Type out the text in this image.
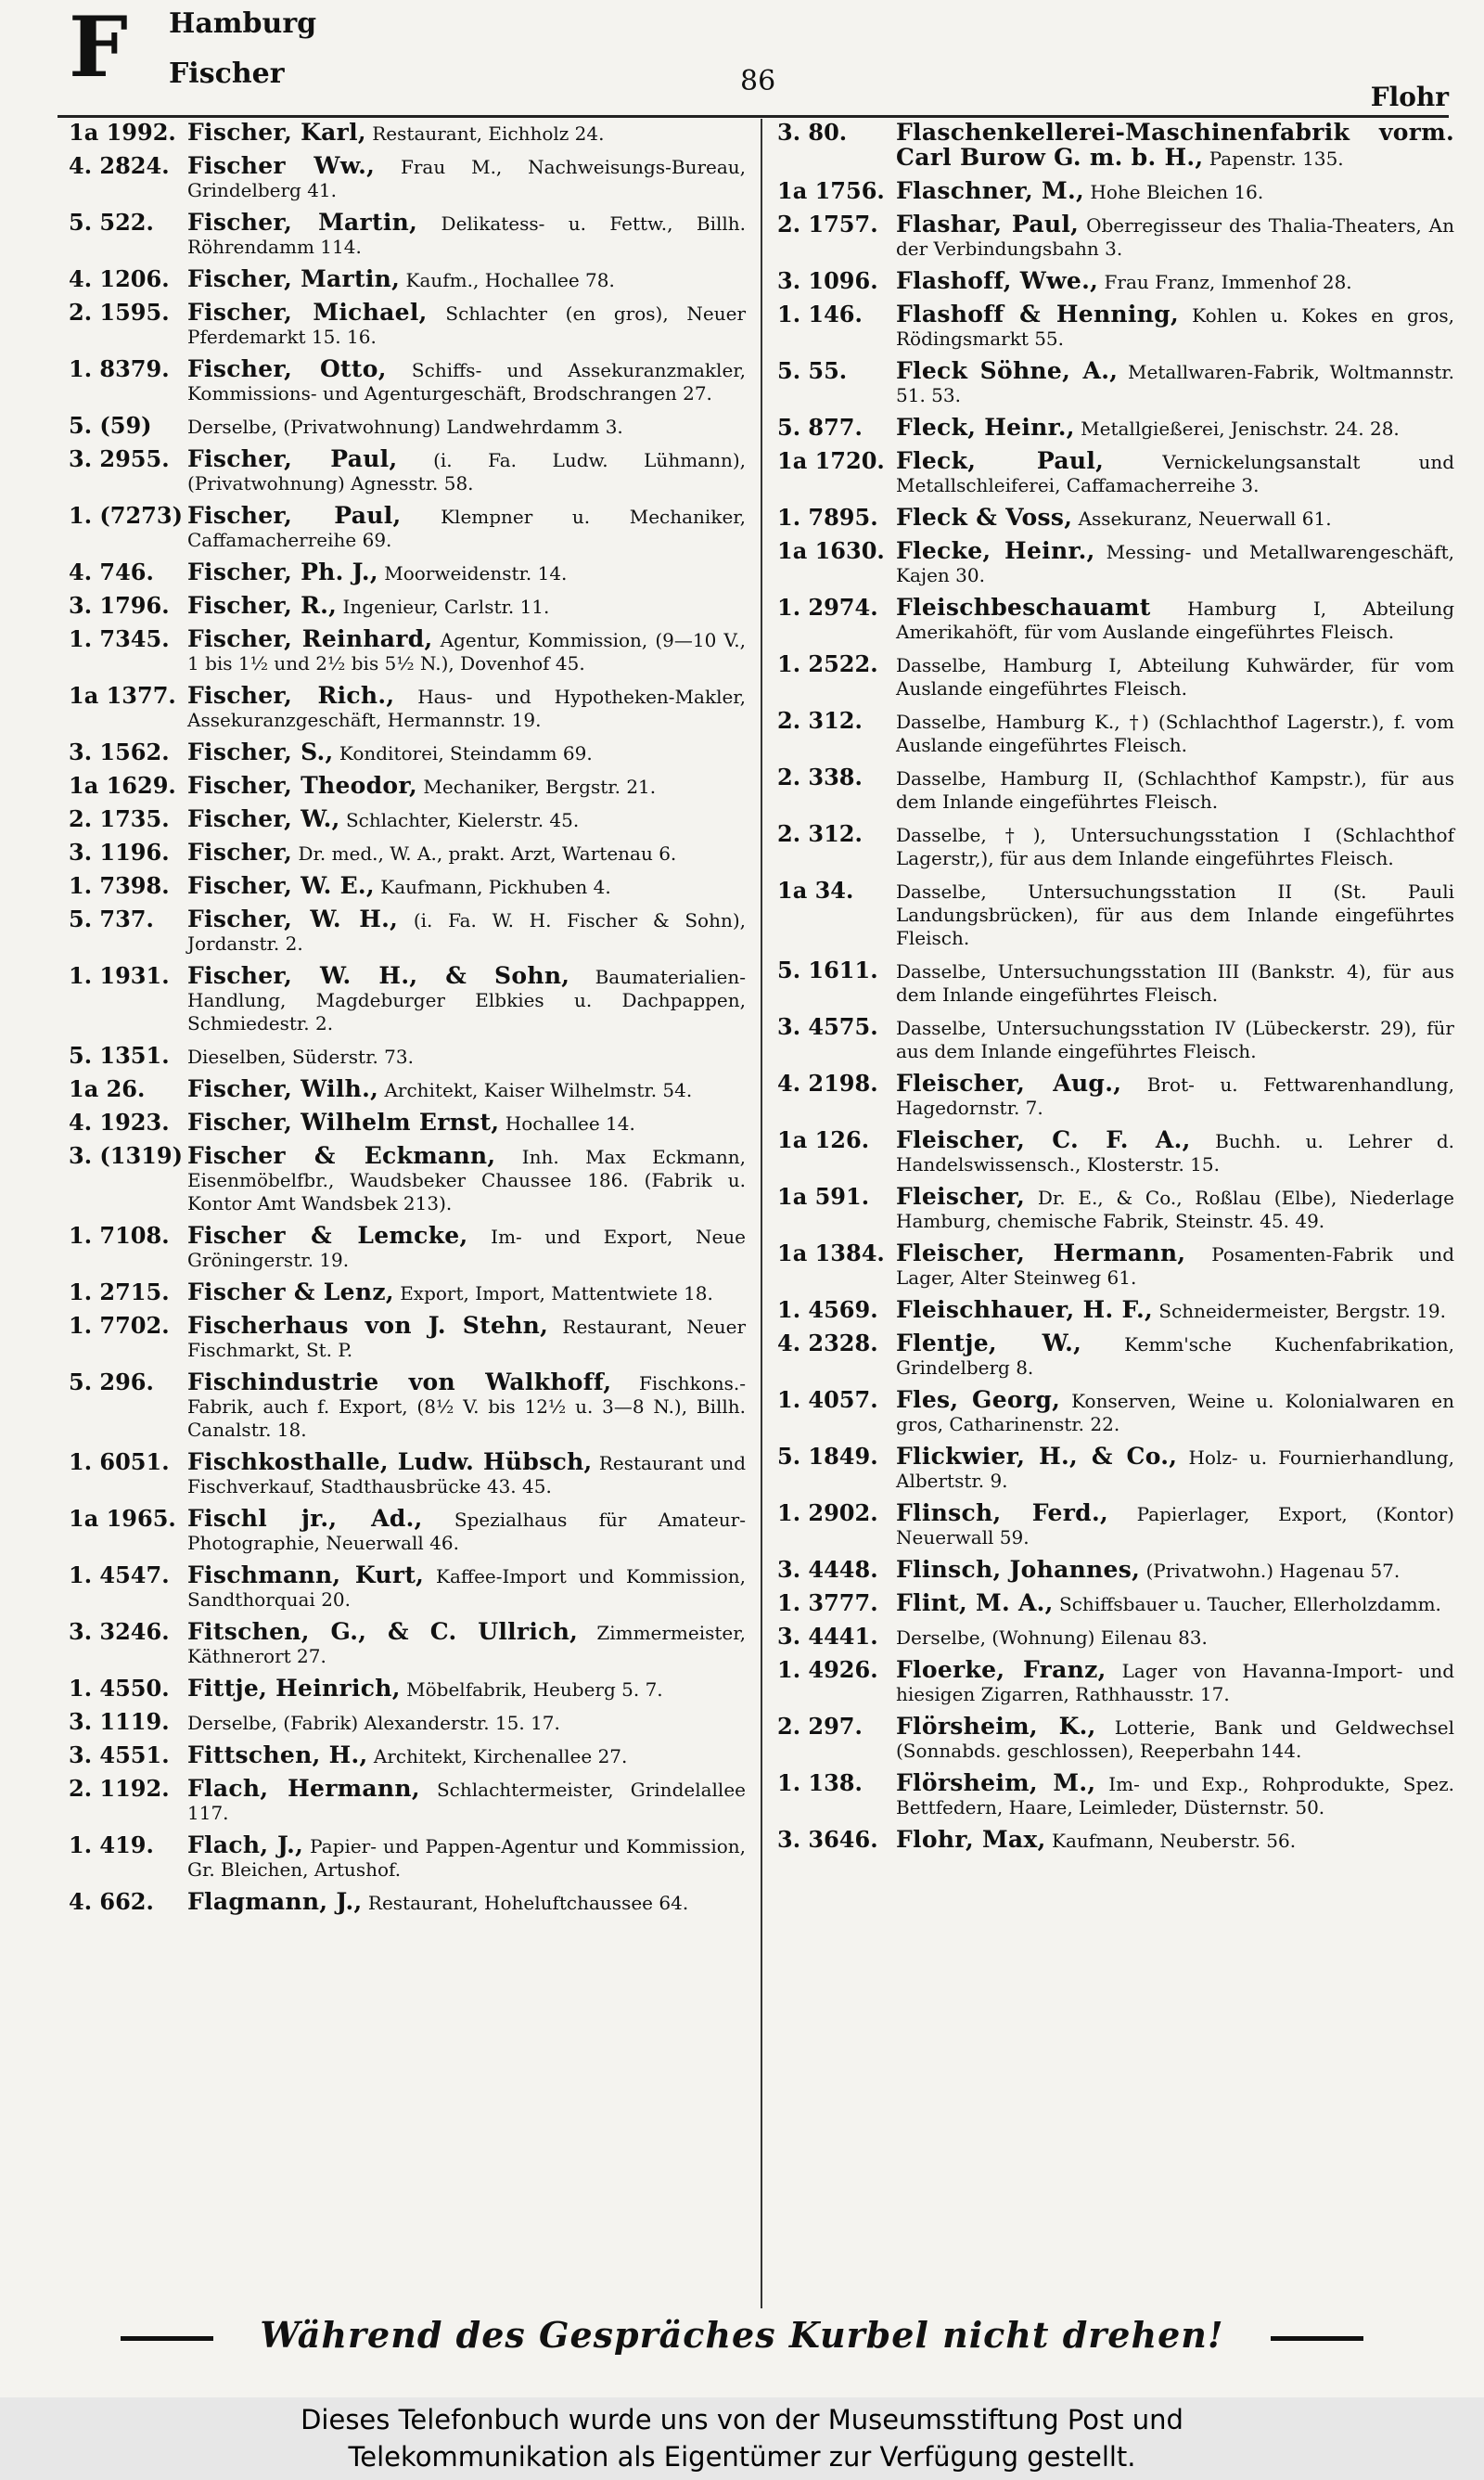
F Hamburg
Fischer	86	Flohr
1a 1992. Fischer, Karl, Restaurant, Eichholz 24.
4. 2824. Fischer Ww., Frau M., Nachweisungs-Bureau, Grindelberg 41.
5. 522.	Fischer, Martin, Delikatess- u. Fettw., Billh. Röhrendamm 114.
4. 1206. Fischer, Martin, Kaufm., Hochallee 78.
2. 1595. Fischer, Michael, Schlachter (en gros), Neuer Pferdemarkt 15. 16.
1. 8379. Fischer, Otto, Schiffs- und Assekuranzmakler, Kommissions- und Agenturgeschäft, Brodschrangen 27.
5. (59)	Derselbe, (Privatwohnung) Landwehrdamm 3.
3. 2955. Fischer, Paul, (i. Fa. Ludw. Lühmann), (Privatwohnung) Agnesstr. 58.
1. (7273) Fischer, Paul, Klempner u. Mechaniker, Caffamacherreihe 69.
4. 746.	Fischer, Ph. J., Moorweidenstr. 14.
3. 1796. Fischer, R., Ingenieur, Carlstr. 11.
1. 7345. Fischer, Reinhard, Agentur, Kommission, (9—10 V., 1 bis 1½ und 2½ bis 5½ N.), Dovenhof 45.
1a 1377. Fischer, Rich., Haus- und Hypotheken-Makler, Assekuranzgeschäft, Hermannstr. 19.
3. 1562. Fischer, S., Konditorei, Steindamm 69.
1a 1629. Fischer, Theodor, Mechaniker, Bergstr. 21.
2. 1735. Fischer, W., Schlachter, Kielerstr. 45.
3. 1196. Fischer, Dr. med., W. A., prakt. Arzt, Wartenau 6.
1. 7398. Fischer, W. E., Kaufmann, Pickhuben 4.
5. 737.	Fischer, W. H., (i. Fa. W. H. Fischer & Sohn), Jordanstr. 2.
1. 1931. Fischer, W. H., & Sohn, Baumaterialien-Handlung, Magdeburger Elbkies u. Dachpappen, Schmiedestr. 2.
5. 1351. Dieselben, Süderstr. 73.
1a 26.	Fischer, Wilh., Architekt, Kaiser Wilhelmstr. 54.
4. 1923. Fischer, Wilhelm Ernst, Hochallee 14.
3. (1319) Fischer & Eckmann, Inh. Max Eckmann, Eisenmöbelfbr., Waudsbeker Chaussee 186. (Fabrik u. Kontor Amt Wandsbek 213).
1. 7108. Fischer & Lemcke, Im- und Export, Neue Gröningerstr. 19.
1. 2715. Fischer & Lenz, Export, Import, Mattentwiete 18.
1. 7702. Fischerhaus von J. Stehn, Restaurant, Neuer Fischmarkt, St. P.
5. 296.	Fischindustrie von Walkhoff, Fischkons.-Fabrik, auch f. Export, (8½ V. bis 12½ u. 3—8 N.), Billh. Canalstr. 18.
1. 6051. Fischkosthalle, Ludw. Hübsch, Restaurant und Fischverkauf, Stadthausbrücke 43. 45.
1a 1965. Fischl jr., Ad., Spezialhaus für Amateur-Photographie, Neuerwall 46.
1. 4547. Fischmann, Kurt, Kaffee-Import und Kommission, Sandthorquai 20.
3. 3246. Fitschen, G., & C. Ullrich, Zimmermeister, Käthnerort 27.
1. 4550. Fittje, Heinrich, Möbelfabrik, Heuberg 5. 7.
3. 1119. Derselbe, (Fabrik) Alexanderstr. 15. 17.
3. 4551. Fittschen, H., Architekt, Kirchenallee 27.
2. 1192. Flach, Hermann, Schlachtermeister, Grindelallee 117.
1. 419.	Flach, J., Papier- und Pappen-Agentur und Kommission, Gr. Bleichen, Artushof.
4. 662.	Flagmann, J., Restaurant, Hoheluftchaussee 64.
3. 80.	Flaschenkellerei-Maschinenfabrik vorm. Carl Burow G. m. b. H., Papenstr. 135.
1a 1756. Flaschner, M., Hohe Bleichen 16.
2. 1757. Flashar, Paul, Oberregisseur des Thalia-Theaters, An der Verbindungsbahn 3.
3. 1096. Flashoff, Wwe., Frau Franz, Immenhof 28.
1. 146.	Flashoff & Henning, Kohlen u. Kokes en gros, Rödingsmarkt 55.
5. 55.	Fleck Söhne, A., Metallwaren-Fabrik, Woltmannstr. 51. 53.
5. 877.	Fleck, Heinr., Metallgießerei, Jenischstr. 24. 28.
1a 1720. Fleck, Paul,	Vernickelungsanstalt und Metallschleiferei, Caffamacherreihe 3.
1. 7895. Fleck & Voss, Assekuranz, Neuerwall 61.
1a 1630. Flecke, Heinr., Messing- und Metallwarengeschäft, Kajen 30.
1. 2974. Fleischbeschauamt Hamburg I, Abteilung Amerikahöft, für vom Auslande eingeführtes Fleisch.
1. 2522. Dasselbe, Hamburg I, Abteilung Kuhwärder, für vom Auslande eingeführtes Fleisch.
2. 312.	Dasselbe, Hamburg K., †) (Schlachthof Lagerstr.), f. vom Auslande eingeführtes Fleisch.
2. 338.	Dasselbe, Hamburg II, (Schlachthof Kampstr.), für aus dem Inlande eingeführtes Fleisch.
2. 312.	Dasselbe,†), Untersuchungsstation I (Schlachthof Lagerstr,), für aus dem Inlande eingeführtes Fleisch.
1a 34.	Dasselbe, Untersuchungsstation II (St. Pauli Landungsbrücken), für aus dem Inlande eingeführtes Fleisch.
5. 1611. Dasselbe, Untersuchungsstation III (Bankstr. 4), für aus dem Inlande eingeführtes Fleisch.
3. 4575. Dasselbe, Untersuchungsstation IV (Lübeckerstr. 29), für aus dem Inlande eingeführtes Fleisch.
4. 2198. Fleischer, Aug., Brot- u. Fettwarenhandlung, Hagedornstr. 7.
1a 126.	Fleischer, C. F. A., Buchh. u. Lehrer d. Handelswissensch., Klosterstr. 15.
1a 591.	Fleischer, Dr. E., & Co., Roßlau (Elbe), Niederlage Hamburg, chemische Fabrik, Steinstr. 45. 49.
1a 1384. Fleischer, Hermann, Posamenten-Fabrik und Lager, Alter Steinweg 61.
1. 4569. Fleischhauer, H. F., Schneidermeister, Bergstr. 19.
4. 2328. Flentje, W., Kemm'sche Kuchenfabrikation, Grindelberg 8.
1. 4057. Fles, Georg, Konserven, Weine u. Kolonialwaren en gros, Catharinenstr. 22.
5. 1849. Flickwier, H., & Co., Holz- u. Fournierhandlung, Albertstr. 9.
1. 2902. Flinsch, Ferd., Papierlager, Export, (Kontor) Neuerwall 59.
3. 4448. Flinsch, Johannes, (Privatwohn.) Hagenau 57.
1. 3777. Flint, M. A., Schiffsbauer u. Taucher, Ellerholzdamm.
3. 4441. Derselbe, (Wohnung) Eilenau 83.
1. 4926. Floerke, Franz, Lager von Havanna-Import- und hiesigen Zigarren, Rathhausstr. 17.
2. 297.	Flörsheim, K., Lotterie, Bank und Geldwechsel (Sonnabds. geschlossen), Reeperbahn 144.
1. 138.	Flörsheim, M., Im- und Exp., Rohprodukte, Spez. Bettfedern, Haare, Leimleder, Düsternstr. 50.
3. 3646. Flohr, Max, Kaufmann, Neuberstr. 56.
Während des Gespräches Kurbel nicht drehen!
Dieses Telefonbuch wurde uns von der Museumsstiftung Post und
Telekommunikation als Eigentümer zur Verfügung gestellt.
